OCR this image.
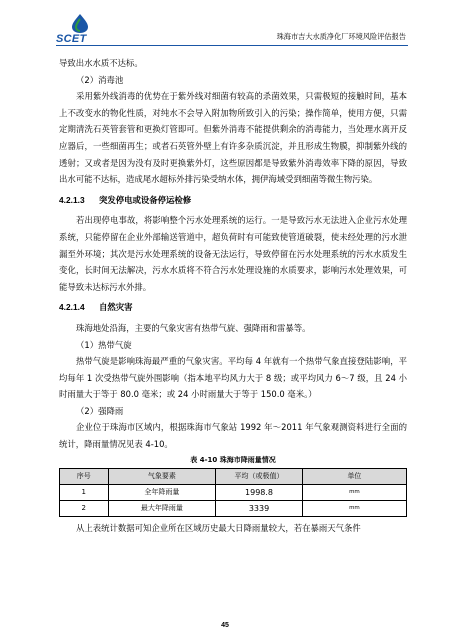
SCET	珠海市吉大水质净化厂环境风险评估报告

导致出水水质不达标。

（2）消毒池

采用紫外线消毒的优势在于紫外线对细菌有较高的杀菌效果，只需极短的接触时间，基本上不改变水的物化性质，对纯水不会导入附加物所致引入的污染；操作简单，使用方便，只需定期清洗石英管套管和更换灯管即可。但紫外消毒不能提供剩余的消毒能力，当处理水离开反应器后，一些细菌再生；或者石英管外壁上有许多杂质沉淀，并且形成生物膜，抑制紫外线的透射；又或者是因为没有及时更换紫外灯，这些原因都是导致紫外消毒效率下降的原因，导致出水可能不达标，造成尾水超标外排污染受纳水体，拥伊海域受到细菌等微生物污染。

4.2.1.3 突发停电或设备停运检修

若出现停电事故，将影响整个污水处理系统的运行。一是导致污水无法进入企业污水处理系统，只能停留在企业外部输送管道中，超负荷时有可能致使管道破裂，使未经处理的污水泄漏至外环境；其次是污水处理系统的设备无法运行，导致停留在污水处理系统的污水水质发生变化，长时间无法解决，污水水质将不符合污水处理设施的水质要求，影响污水处理效果，可能导致未达标污水外排。

4.2.1.4 自然灾害

珠海地处沿海，主要的气象灾害有热带气旋、强降雨和雷暴等。

（1）热带气旋

热带气旋是影响珠海最严重的气象灾害。平均每 4 年就有一个热带气象直接登陆影响，平均每年 1 次受热带气旋外围影响（指本地平均风力大于 8 级；或平均风力 6～7 级，且 24 小时雨量大于等于 80.0 毫米；或 24 小时雨量大于等于 150.0 毫米。）

（2）强降雨

企业位于珠海市区域内，根据珠海市气象站 1992 年～2011 年气象观测资料进行全面的统计，降雨量情况见表 4-10。

表 4-10 珠海市降雨量情况
序号	气象要素	平均（或极值）	单位
1	全年降雨量	1998.8	mm
2	最大年降雨量	3339	mm

从上表统计数据可知企业所在区域历史最大日降雨量较大，若在暴雨天气条件

45
